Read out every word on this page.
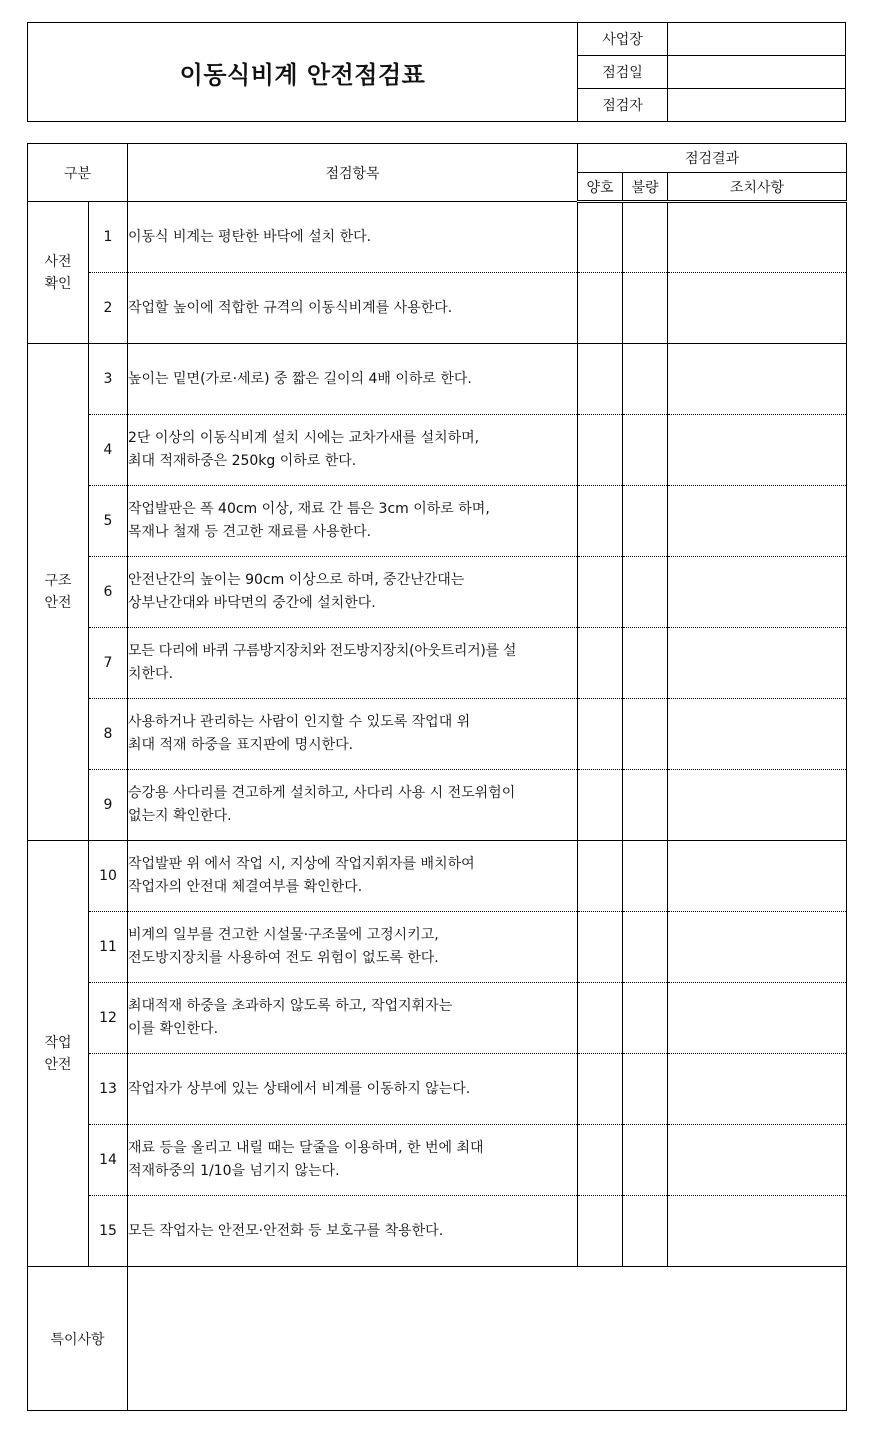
이동식비계 안전점검표
사업장
점검일
점검자
구분		점검항목	점검결과		
			양호	불량	조치사항

사전
확인	1	이동식 비계는 평탄한 바닥에 설치 한다.			

	2	작업할 높이에 적합한 규격의 이동식비계를 사용한다.			

구조
안전	3	높이는 밑면(가로·세로) 중 짧은 길이의 4배 이하로 한다.			

	4	2단 이상의 이동식비계 설치 시에는 교차가새를 설치하며,
최대 적재하중은 250kg 이하로 한다.			

	5	작업발판은 폭 40cm 이상, 재료 간 틈은 3cm 이하로 하며,
목재나 철재 등 견고한 재료를 사용한다.			

	6	안전난간의 높이는 90cm 이상으로 하며, 중간난간대는
상부난간대와 바닥면의 중간에 설치한다.			

	7	모든 다리에 바퀴 구름방지장치와 전도방지장치(아웃트리거)를 설
치한다.			

	8	사용하거나 관리하는 사람이 인지할 수 있도록 작업대 위
최대 적재 하중을 표지판에 명시한다.			

	9	승강용 사다리를 견고하게 설치하고, 사다리 사용 시 전도위험이
없는지 확인한다.			

작업
안전	10	작업발판 위 에서 작업 시, 지상에 작업지휘자를 배치하여
작업자의 안전대 체결여부를 확인한다.			

	11	비계의 일부를 견고한 시설물·구조물에 고정시키고,
전도방지장치를 사용하여 전도 위험이 없도록 한다.			

	12	최대적재 하중을 초과하지 않도록 하고, 작업지휘자는
이를 확인한다.			

	13	작업자가 상부에 있는 상태에서 비계를 이동하지 않는다.			

	14	재료 등을 올리고 내릴 때는 달줄을 이용하며, 한 번에 최대
적재하중의 1/10을 넘기지 않는다.			

	15	모든 작업자는 안전모·안전화 등 보호구를 착용한다.			

특이사항					
